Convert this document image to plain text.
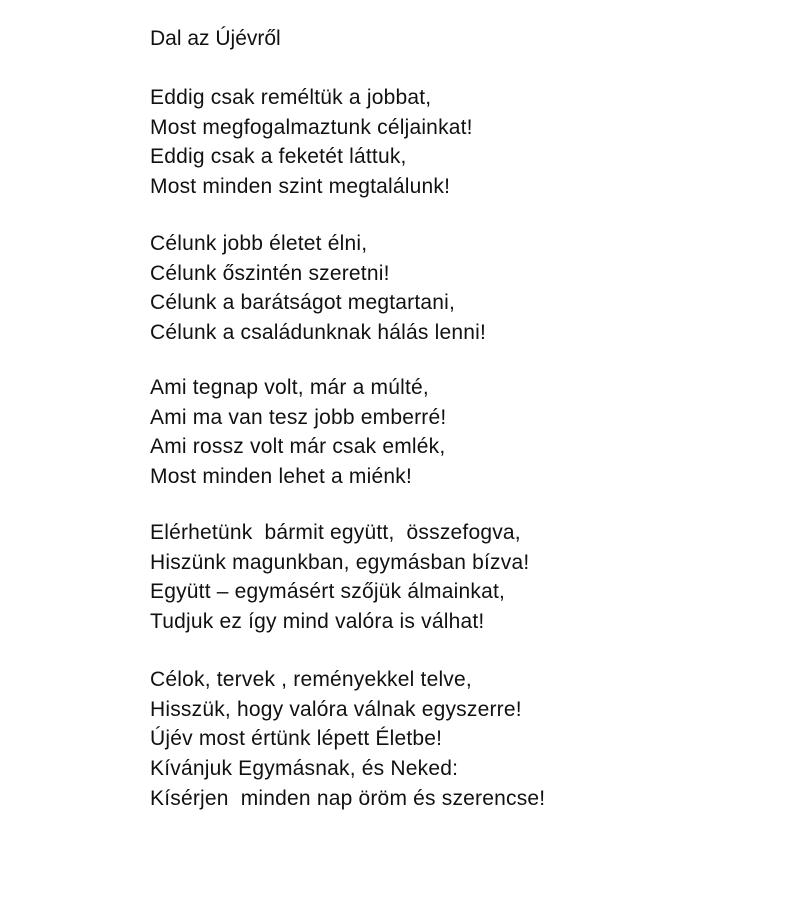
Dal az Újévről
Eddig csak reméltük a jobbat,
Most megfogalmaztunk céljainkat!
Eddig csak a feketét láttuk,
Most minden szint megtalálunk!
Célunk jobb életet élni,
Célunk őszintén szeretni!
Célunk a barátságot megtartani,
Célunk a családunknak hálás lenni!
Ami tegnap volt, már a múlté,
Ami ma van tesz jobb emberré!
Ami rossz volt már csak emlék,
Most minden lehet a miénk!
Elérhetünk  bármit együtt,  összefogva,
Hiszünk magunkban, egymásban bízva!
Együtt – egymásért szőjük álmainkat,
Tudjuk ez így mind valóra is válhat!
Célok, tervek , reményekkel telve,
Hisszük, hogy valóra válnak egyszerre!
Újév most értünk lépett Életbe!
Kívánjuk Egymásnak, és Neked:
Kísérjen  minden nap öröm és szerencse!
